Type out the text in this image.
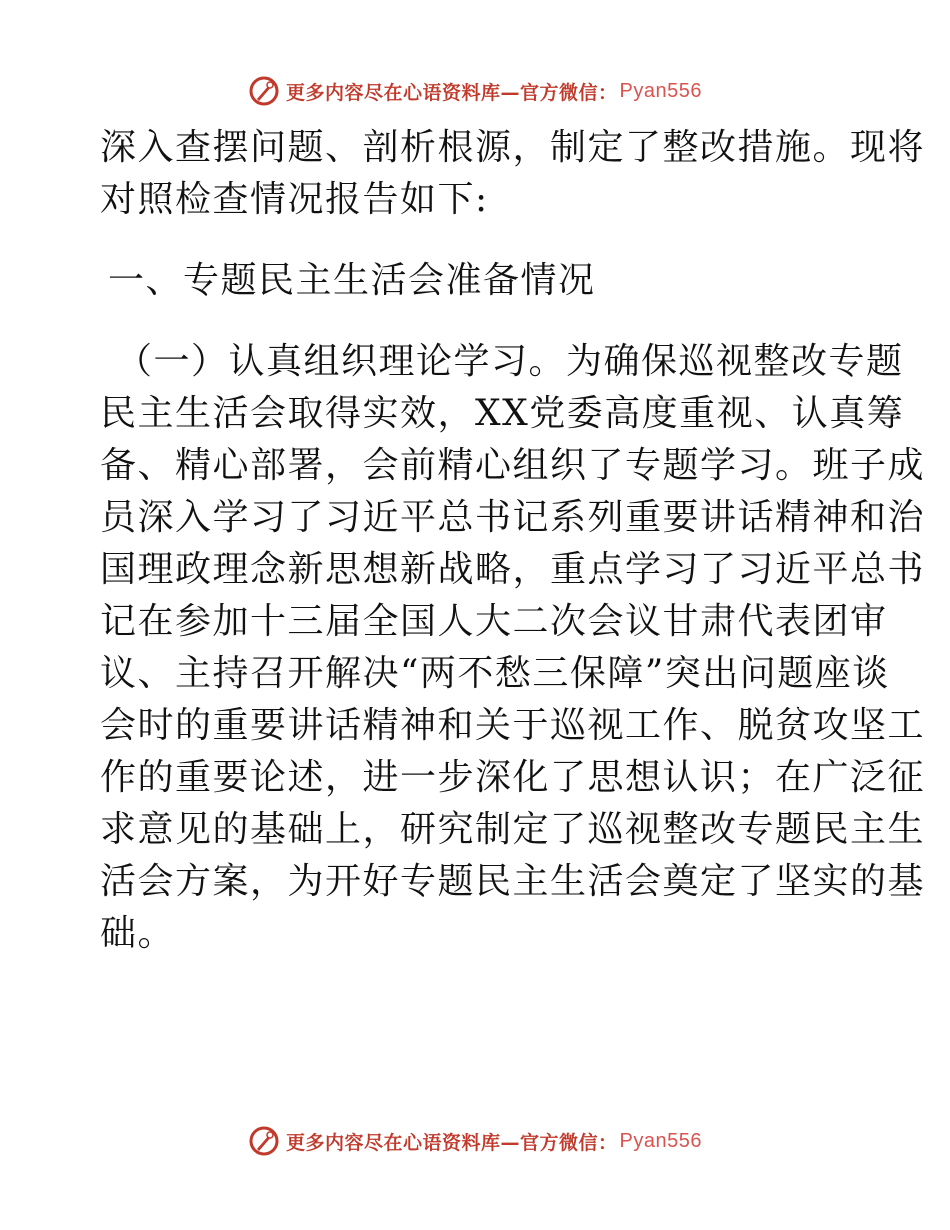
更多内容尽在心语资料库—官方微信： Pyan556
深入查摆问题、剖析根源，制定了整改措施。现将
对照检查情况报告如下:
一、专题民主生活会准备情况
（一）认真组织理论学习。为确保巡视整改专题
民主生活会取得实效，XX党委高度重视、认真筹
备、精心部署，会前精心组织了专题学习。班子成
员深入学习了习近平总书记系列重要讲话精神和治
国理政理念新思想新战略，重点学习了习近平总书
记在参加十三届全国人大二次会议甘肃代表团审
议、主持召开解决“两不愁三保障”突出问题座谈
会时的重要讲话精神和关于巡视工作、脱贫攻坚工
作的重要论述，进一步深化了思想认识；在广泛征
求意见的基础上，研究制定了巡视整改专题民主生
活会方案，为开好专题民主生活会奠定了坚实的基
础。
更多内容尽在心语资料库—官方微信： Pyan556
